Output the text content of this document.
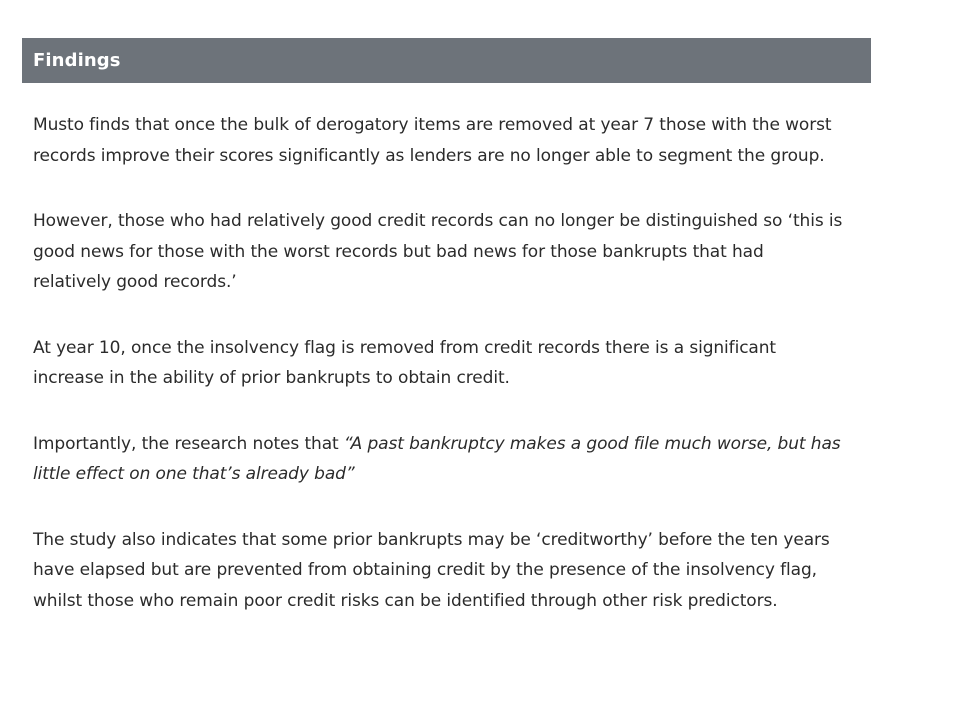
Findings

Musto finds that once the bulk of derogatory items are removed at year 7 those with the worst records improve their scores significantly as lenders are no longer able to segment the group.

However, those who had relatively good credit records can no longer be distinguished so ‘this is good news for those with the worst records but bad news for those bankrupts that had relatively good records.’

At year 10, once the insolvency flag is removed from credit records there is a significant increase in the ability of prior bankrupts to obtain credit.

Importantly, the research notes that “A past bankruptcy makes a good file much worse, but has little effect on one that’s already bad”

The study also indicates that some prior bankrupts may be ‘creditworthy’ before the ten years have elapsed but are prevented from obtaining credit by the presence of the insolvency flag, whilst those who remain poor credit risks can be identified through other risk predictors.
